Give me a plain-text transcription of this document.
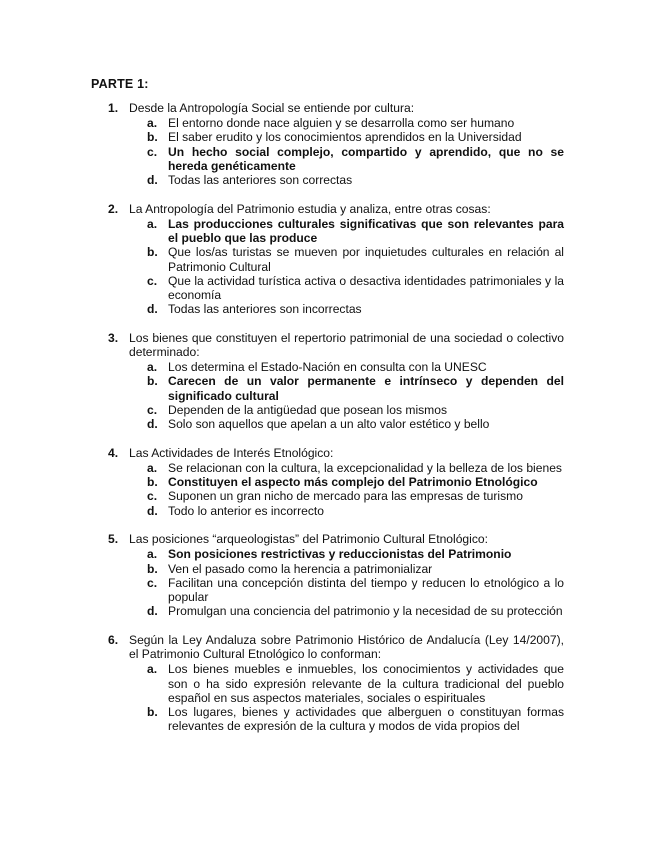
PARTE 1:
1. Desde la Antropología Social se entiende por cultura:
a. El entorno donde nace alguien y se desarrolla como ser humano
b. El saber erudito y los conocimientos aprendidos en la Universidad
c. Un hecho social complejo, compartido y aprendido, que no se hereda genéticamente
d. Todas las anteriores son correctas
2. La Antropología del Patrimonio estudia y analiza, entre otras cosas:
a. Las producciones culturales significativas que son relevantes para el pueblo que las produce
b. Que los/as turistas se mueven por inquietudes culturales en relación al Patrimonio Cultural
c. Que la actividad turística activa o desactiva identidades patrimoniales y la economía
d. Todas las anteriores son incorrectas
3. Los bienes que constituyen el repertorio patrimonial de una sociedad o colectivo determinado:
a. Los determina el Estado-Nación en consulta con la UNESC
b. Carecen de un valor permanente e intrínseco y dependen del significado cultural
c. Dependen de la antigüedad que posean los mismos
d. Solo son aquellos que apelan a un alto valor estético y bello
4. Las Actividades de Interés Etnológico:
a. Se relacionan con la cultura, la excepcionalidad y la belleza de los bienes
b. Constituyen el aspecto más complejo del Patrimonio Etnológico
c. Suponen un gran nicho de mercado para las empresas de turismo
d. Todo lo anterior es incorrecto
5. Las posiciones “arqueologistas” del Patrimonio Cultural Etnológico:
a. Son posiciones restrictivas y reduccionistas del Patrimonio
b. Ven el pasado como la herencia a patrimonializar
c. Facilitan una concepción distinta del tiempo y reducen lo etnológico a lo popular
d. Promulgan una conciencia del patrimonio y la necesidad de su protección
6. Según la Ley Andaluza sobre Patrimonio Histórico de Andalucía (Ley 14/2007), el Patrimonio Cultural Etnológico lo conforman:
a. Los bienes muebles e inmuebles, los conocimientos y actividades que son o ha sido expresión relevante de la cultura tradicional del pueblo español en sus aspectos materiales, sociales o espirituales
b. Los lugares, bienes y actividades que alberguen o constituyan formas relevantes de expresión de la cultura y modos de vida propios del
